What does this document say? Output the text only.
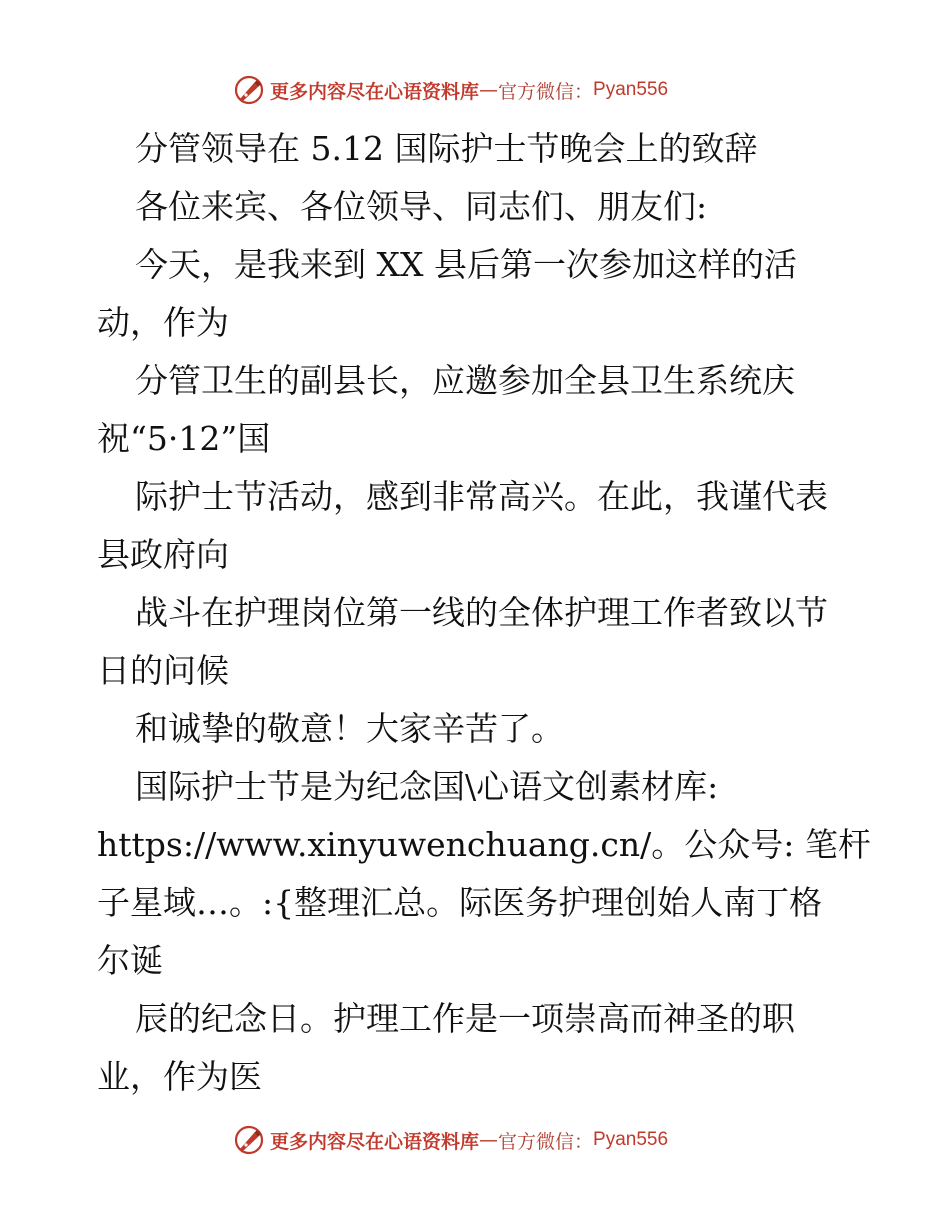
更多内容尽在心语资料库 — 官方微信： Pyan556

分管领导在 5.12 国际护士节晚会上的致辞

各位来宾、各位领导、同志们、朋友们:

今天，是我来到 XX 县后第一次参加这样的活

动，作为

分管卫生的副县长，应邀参加全县卫生系统庆

祝“5·12”国

际护士节活动，感到非常高兴。在此，我谨代表

县政府向

战斗在护理岗位第一线的全体护理工作者致以节

日的问候

和诚挚的敬意！大家辛苦了。

国际护士节是为纪念国\心语文创素材库:

https://www.xinyuwenchuang.cn/。公众号: 笔杆

子星域…。:{整理汇总。际医务护理创始人南丁格

尔诞

辰的纪念日。护理工作是一项崇高而神圣的职

业，作为医

更多内容尽在心语资料库 — 官方微信： Pyan556
